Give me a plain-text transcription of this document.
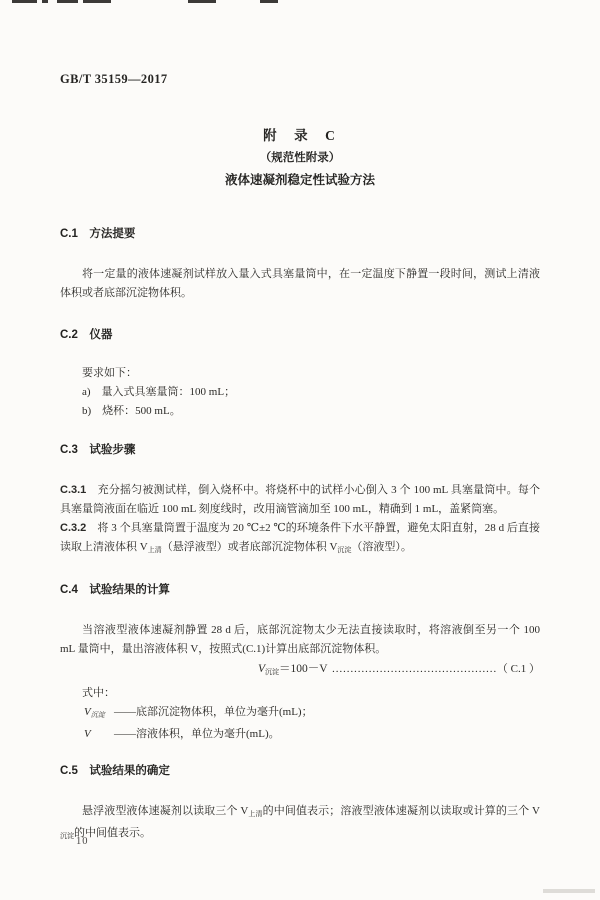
GB/T 35159—2017
附　录　C
（规范性附录）
液体速凝剂稳定性试验方法
C.1　方法提要

将一定量的液体速凝剂试样放入量入式具塞量筒中，在一定温度下静置一段时间，测试上清液体积或者底部沉淀物体积。

C.2　仪器

要求如下：

a)　 量入式具塞量筒：100 mL；

b)　 烧杯：500 mL。

C.3　试验步骤

C.3.1　 充分摇匀被测试样，倒入烧杯中。将烧杯中的试样小心倒入 3 个 100 mL 具塞量筒中。每个具塞量筒液面在临近 100 mL 刻度线时，改用滴管滴加至 100 mL，精确到 1 mL，盖紧筒塞。

C.3.2　 将 3 个具塞量筒置于温度为 20 ℃±2 ℃的环境条件下水平静置，避免太阳直射，28 d 后直接读取上清液体积 $V_{上清}$（悬浮液型）或者底部沉淀物体积 $V_{沉淀}$（溶液型）。

C.4　试验结果的计算

当溶液型液体速凝剂静置 28 d 后，底部沉淀物太少无法直接读取时，将溶液倒至另一个 100 mL 量筒中，量出溶液体积 V，按照式(C.1)计算出底部沉淀物体积。

$V_{沉淀}=100-V$ ……………………………………… （ C.1 ）

式中：

$V_{沉淀}$ ——底部沉淀物体积，单位为毫升(mL)；

V ——溶液体积，单位为毫升(mL)。

C.5　试验结果的确定

悬浮液型液体速凝剂以读取三个 $V_{上清}$的中间值表示；溶液型液体速凝剂以读取或计算的三个 $V_{沉淀}$的中间值表示。

10
